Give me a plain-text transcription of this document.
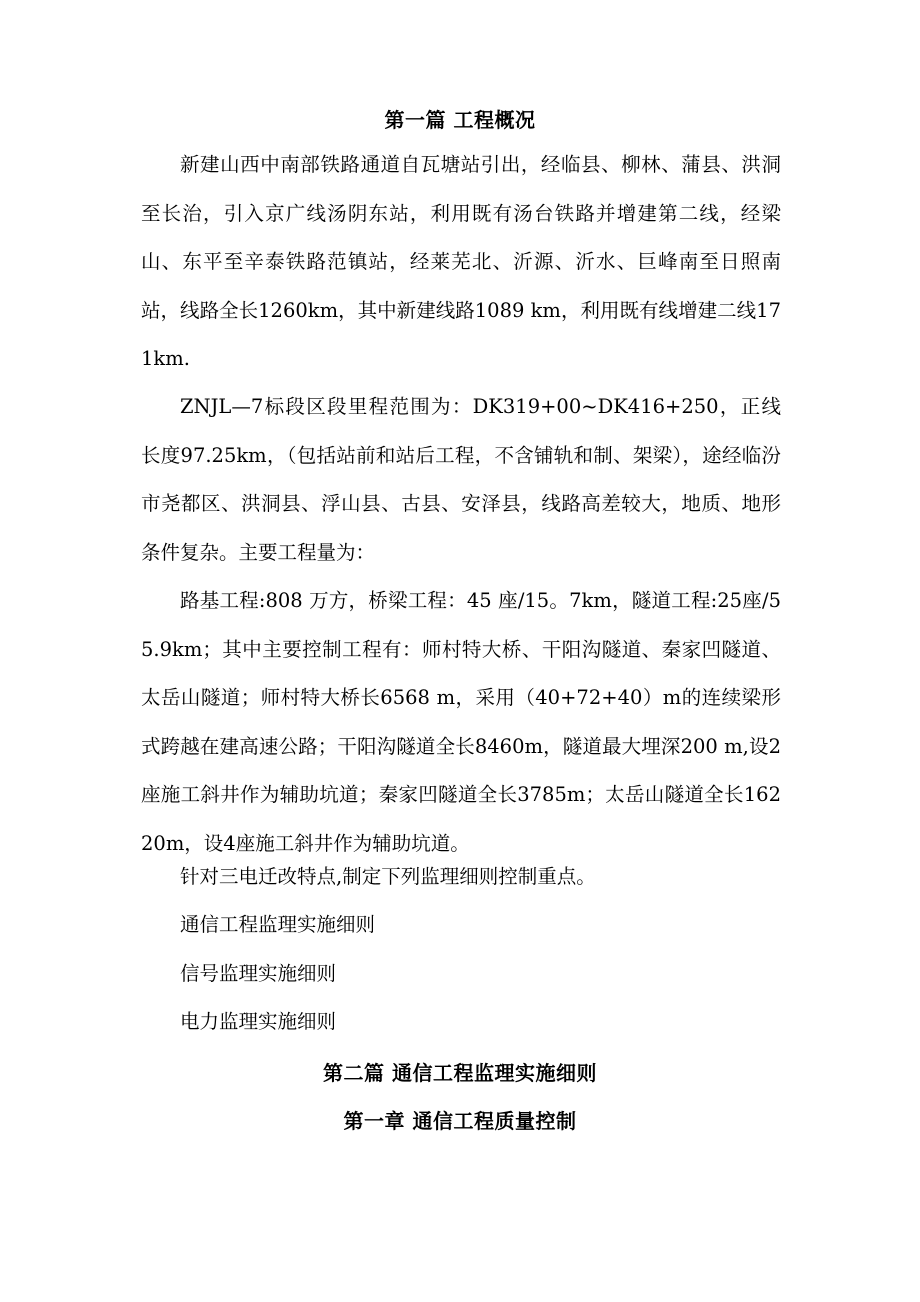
第一篇 工程概况

新建山西中南部铁路通道自瓦塘站引出，经临县、柳林、蒲县、洪洞至长治，引入京广线汤阴东站，利用既有汤台铁路并增建第二线，经梁山、东平至辛泰铁路范镇站，经莱芜北、沂源、沂水、巨峰南至日照南站，线路全长1260km，其中新建线路1089 km，利用既有线增建二线171km.

ZNJL—7标段区段里程范围为：DK319+00~DK416+250，正线长度97.25km，（包括站前和站后工程，不含铺轨和制、架梁），途经临汾市尧都区、洪洞县、浮山县、古县、安泽县，线路高差较大，地质、地形条件复杂。主要工程量为：

路基工程:808 万方，桥梁工程：45 座/15。7km，隧道工程:25座/55.9km；其中主要控制工程有：师村特大桥、干阳沟隧道、秦家凹隧道、太岳山隧道；师村特大桥长6568 m，采用（40+72+40）m的连续梁形式跨越在建高速公路；干阳沟隧道全长8460m，隧道最大埋深200 m,设2座施工斜井作为辅助坑道；秦家凹隧道全长3785m；太岳山隧道全长16220m，设4座施工斜井作为辅助坑道。

针对三电迁改特点,制定下列监理细则控制重点。
通信工程监理实施细则
信号监理实施细则
电力监理实施细则
第二篇 通信工程监理实施细则
第一章 通信工程质量控制
